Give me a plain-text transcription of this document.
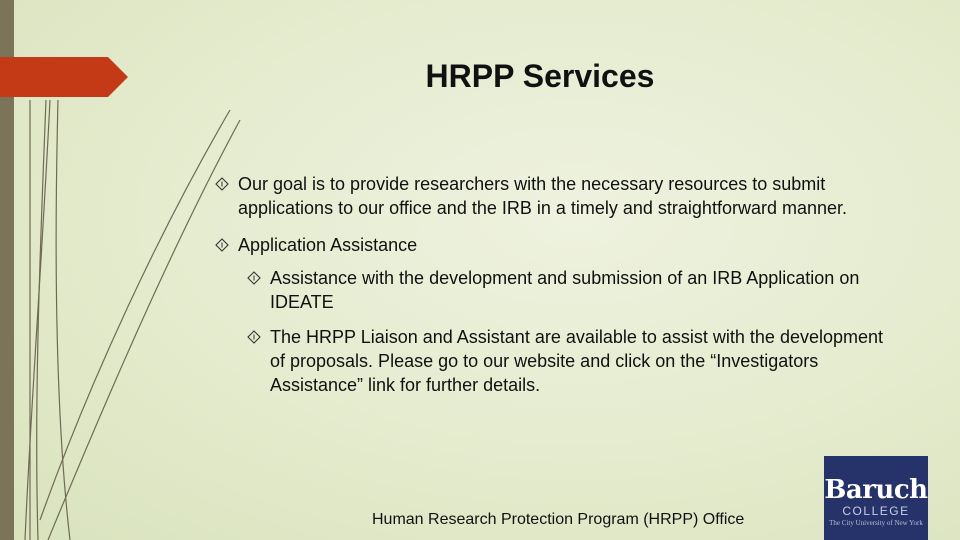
HRPP Services
Our goal is to provide researchers with the necessary resources to submit applications to our office and the IRB in a timely and straightforward manner.
Application Assistance
Assistance with the development and submission of an IRB Application on IDEATE
The HRPP Liaison and Assistant are available to assist with the development of proposals. Please go to our website and click on the “Investigators Assistance” link for further details.
Human Research Protection Program (HRPP) Office
Baruch
COLLEGE
The City University of New York
